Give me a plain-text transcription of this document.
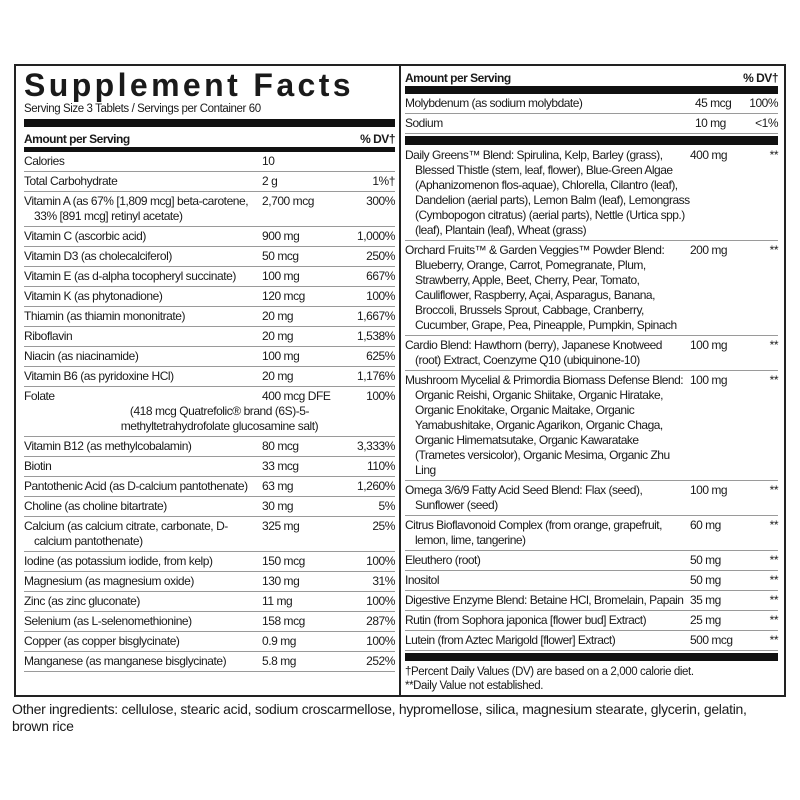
Supplement Facts
Serving Size 3 Tablets / Servings per Container 60
Amount per Serving	% DV†
Calories	10
Total Carbohydrate	2 g	1%†
Vitamin A (as 67% [1,809 mcg] beta-carotene, 33% [891 mcg] retinyl acetate)
2,700 mcg	300%
Vitamin C (ascorbic acid)	900 mg	1,000%
Vitamin D3 (as cholecalciferol)	50 mcg	250%
Vitamin E (as d-alpha tocopheryl succinate)	100 mg	667%
Vitamin K (as phytonadione)	120 mcg	100%
Thiamin (as thiamin mononitrate)	20 mg	1,667%
Riboflavin	20 mg	1,538%
Niacin (as niacinamide)	100 mg	625%
Vitamin B6 (as pyridoxine HCl)	20 mg	1,176%
Folate	400 mcg DFE	100%
(418 mcg Quatrefolic® brand (6S)-5-methyltetrahydrofolate glucosamine salt)
Vitamin B12 (as methylcobalamin)	80 mcg	3,333%
Biotin	33 mcg	110%
Pantothenic Acid (as D-calcium pantothenate)	63 mg	1,260%
Choline (as choline bitartrate)	30 mg	5%
Calcium (as calcium citrate, carbonate, D-calcium pantothenate)
325 mg	25%
Iodine (as potassium iodide, from kelp)	150 mcg	100%
Magnesium (as magnesium oxide)	130 mg	31%
Zinc (as zinc gluconate)	11 mg	100%
Selenium (as L-selenomethionine)	158 mcg	287%
Copper (as copper bisglycinate)	0.9 mg	100%
Manganese (as manganese bisglycinate)	5.8 mg	252%
Amount per Serving	% DV†
Molybdenum (as sodium molybdate)	45 mcg	100%
Sodium	10 mg	<1%
Daily Greens™ Blend: Spirulina, Kelp, Barley (grass), Blessed Thistle (stem, leaf, flower), Blue-Green Algae (Aphanizomenon flos-aquae), Chlorella, Cilantro (leaf), Dandelion (aerial parts), Lemon Balm (leaf), Lemongrass (Cymbopogon citratus) (aerial parts), Nettle (Urtica spp.) (leaf), Plantain (leaf), Wheat (grass)
400 mg	**
Orchard Fruits™ & Garden Veggies™ Powder Blend: Blueberry, Orange, Carrot, Pomegranate, Plum, Strawberry, Apple, Beet, Cherry, Pear, Tomato, Cauliflower, Raspberry, Açai, Asparagus, Banana, Broccoli, Brussels Sprout, Cabbage, Cranberry, Cucumber, Grape, Pea, Pineapple, Pumpkin, Spinach
200 mg	**
Cardio Blend: Hawthorn (berry), Japanese Knotweed (root) Extract, Coenzyme Q10 (ubiquinone-10)
100 mg	**
Mushroom Mycelial & Primordia Biomass Defense Blend: Organic Reishi, Organic Shiitake, Organic Hiratake, Organic Enokitake, Organic Maitake, Organic Yamabushitake, Organic Agarikon, Organic Chaga, Organic Himematsutake, Organic Kawaratake (Trametes versicolor), Organic Mesima, Organic Zhu Ling
100 mg	**
Omega 3/6/9 Fatty Acid Seed Blend: Flax (seed), Sunflower (seed)
100 mg	**
Citrus Bioflavonoid Complex (from orange, grapefruit, lemon, lime, tangerine)
60 mg	**
Eleuthero (root)	50 mg	**
Inositol	50 mg	**
Digestive Enzyme Blend: Betaine HCl, Bromelain, Papain 35 mg	**
Rutin (from Sophora japonica [flower bud] Extract)	25 mg	**
Lutein (from Aztec Marigold [flower] Extract)	500 mcg	**
†Percent Daily Values (DV) are based on a 2,000 calorie diet.
**Daily Value not established.
Other ingredients: cellulose, stearic acid, sodium croscarmellose, hypromellose, silica, magnesium stearate, glycerin, gelatin, brown rice
